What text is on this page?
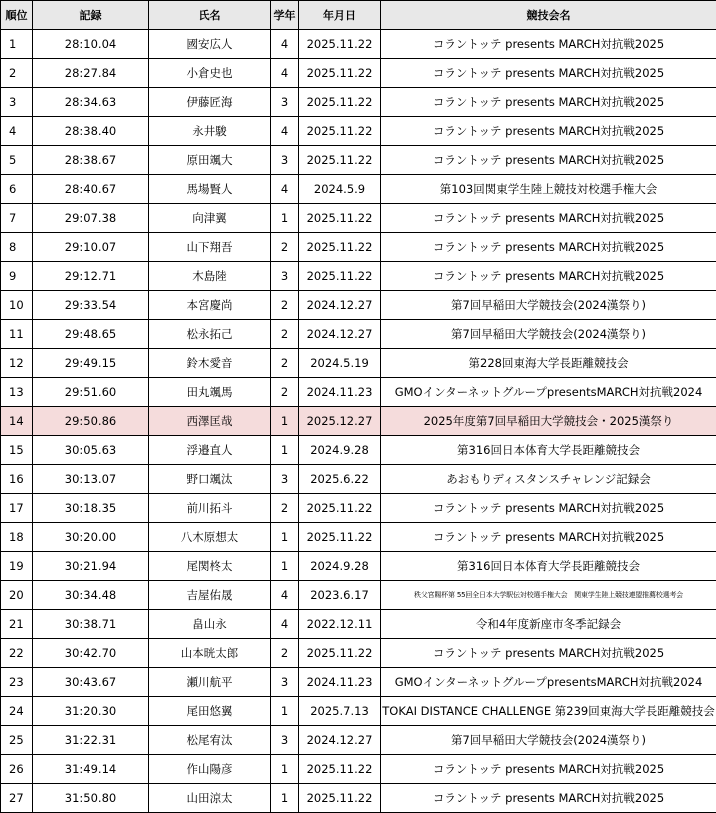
順位	記録	氏名	学年	年月日	競技会名
1	28:10.04	國安広人	4	2025.11.22	コラントッテ presents MARCH対抗戦2025
2	28:27.84	小倉史也	4	2025.11.22	コラントッテ presents MARCH対抗戦2025
3	28:34.63	伊藤匠海	3	2025.11.22	コラントッテ presents MARCH対抗戦2025
4	28:38.40	永井駿	4	2025.11.22	コラントッテ presents MARCH対抗戦2025
5	28:38.67	原田颯大	3	2025.11.22	コラントッテ presents MARCH対抗戦2025
6	28:40.67	馬場賢人	4	2024.5.9	第103回関東学生陸上競技対校選手権大会
7	29:07.38	向津翼	1	2025.11.22	コラントッテ presents MARCH対抗戦2025
8	29:10.07	山下翔吾	2	2025.11.22	コラントッテ presents MARCH対抗戦2025
9	29:12.71	木島陸	3	2025.11.22	コラントッテ presents MARCH対抗戦2025
10	29:33.54	本宮慶尚	2	2024.12.27	第7回早稲田大学競技会(2024漢祭り)
11	29:48.65	松永拓己	2	2024.12.27	第7回早稲田大学競技会(2024漢祭り)
12	29:49.15	鈴木愛音	2	2024.5.19	第228回東海大学長距離競技会
13	29:51.60	田丸颯馬	2	2024.11.23	GMOインターネットグループpresentsMARCH対抗戦2024
14	29:50.86	西澤匡哉	1	2025.12.27	2025年度第7回早稲田大学競技会・2025漢祭り
15	30:05.63	浮邉直人	1	2024.9.28	第316回日本体育大学長距離競技会
16	30:13.07	野口颯汰	3	2025.6.22	あおもりディスタンスチャレンジ記録会
17	30:18.35	前川拓斗	2	2025.11.22	コラントッテ presents MARCH対抗戦2025
18	30:20.00	八木原想太	1	2025.11.22	コラントッテ presents MARCH対抗戦2025
19	30:21.94	尾関柊太	1	2024.9.28	第316回日本体育大学長距離競技会
20	30:34.48	吉屋佑晟	4	2023.6.17	秩父宮賜杯第 55回全日本大学駅伝対校選手権大会　関東学生陸上競技連盟推薦校選考会
21	30:38.71	畠山永	4	2022.12.11	令和4年度新座市冬季記録会
22	30:42.70	山本晄太郎	2	2025.11.22	コラントッテ presents MARCH対抗戦2025
23	30:43.67	瀬川航平	3	2024.11.23	GMOインターネットグループpresentsMARCH対抗戦2024
24	31:20.30	尾田悠翼	1	2025.7.13	TOKAI DISTANCE CHALLENGE 第239回東海大学長距離競技会
25	31:22.31	松尾宥汰	3	2024.12.27	第7回早稲田大学競技会(2024漢祭り)
26	31:49.14	作山陽彦	1	2025.11.22	コラントッテ presents MARCH対抗戦2025
27	31:50.80	山田涼太	1	2025.11.22	コラントッテ presents MARCH対抗戦2025
